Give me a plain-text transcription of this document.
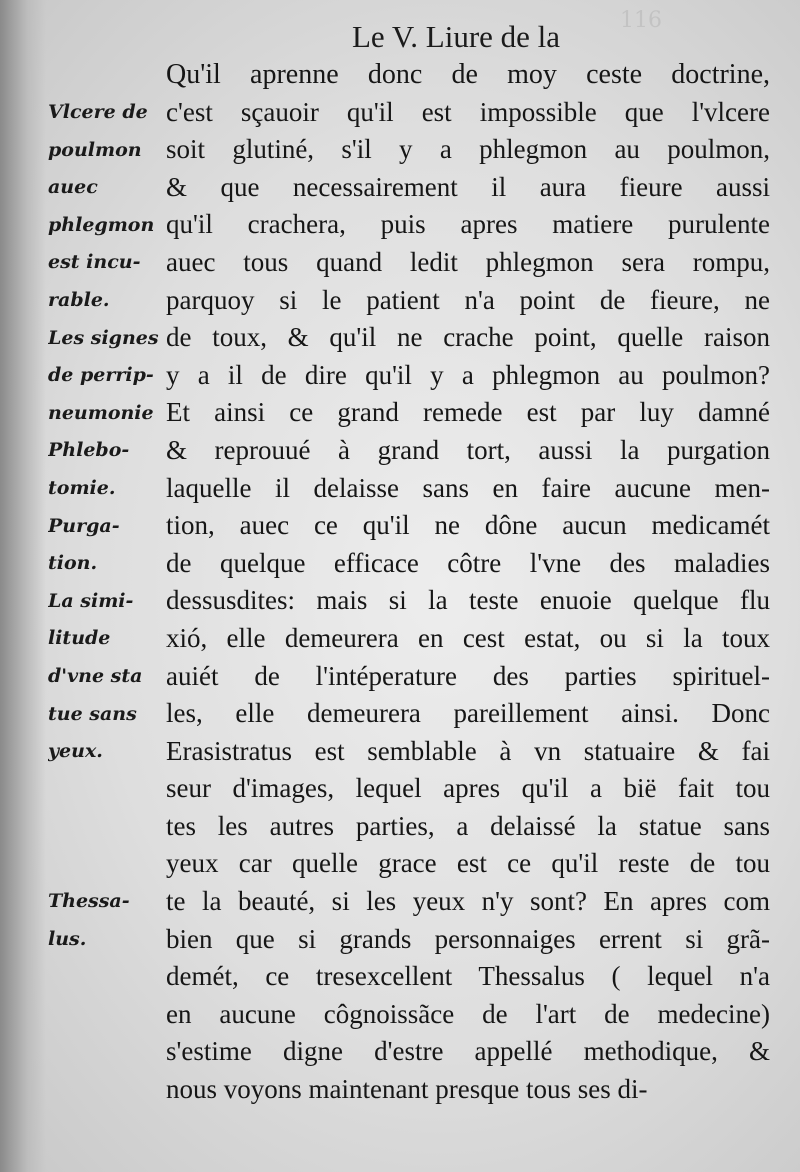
116
Le V. Liure de la
Vlcere de
poulmon
auec
phlegmon
est incu-
rable.
Les signes
de perrip-
neumonie
Phlebo-
tomie.
Purga-
tion.
La simi-
litude
d'vne sta
tue sans
yeux.
Thessa-
lus.
Qu'il aprenne donc de moy ceste doctrine,
c'est sçauoir qu'il est impossible que l'vlcere
soit glutiné, s'il y a phlegmon au poulmon,
& que necessairement il aura fieure aussi
qu'il crachera, puis apres matiere purulente
auec tous quand ledit phlegmon sera rompu,
parquoy si le patient n'a point de fieure, ne
de toux, & qu'il ne crache point, quelle raison
y a il de dire qu'il y a phlegmon au poulmon?
Et ainsi ce grand remede est par luy damné
& reprouué à grand tort, aussi la purgation
laquelle il delaisse sans en faire aucune men-
tion, auec ce qu'il ne dône aucun medicamét
de quelque efficace côtre l'vne des maladies
dessusdites: mais si la teste enuoie quelque flu
xió, elle demeurera en cest estat, ou si la toux
auiét de l'intéperature des parties spirituel-
les, elle demeurera pareillement ainsi. Donc
Erasistratus est semblable à vn statuaire & fai
seur d'images, lequel apres qu'il a bië fait tou
tes les autres parties, a delaissé la statue sans
yeux car quelle grace est ce qu'il reste de tou
te la beauté, si les yeux n'y sont? En apres com
bien que si grands personnaiges errent si grã-
demét, ce tresexcellent Thessalus ( lequel n'a
en aucune côgnoissãce de l'art de medecine)
s'estime digne d'estre appellé methodique, &
nous voyons maintenant presque tous ses di-
